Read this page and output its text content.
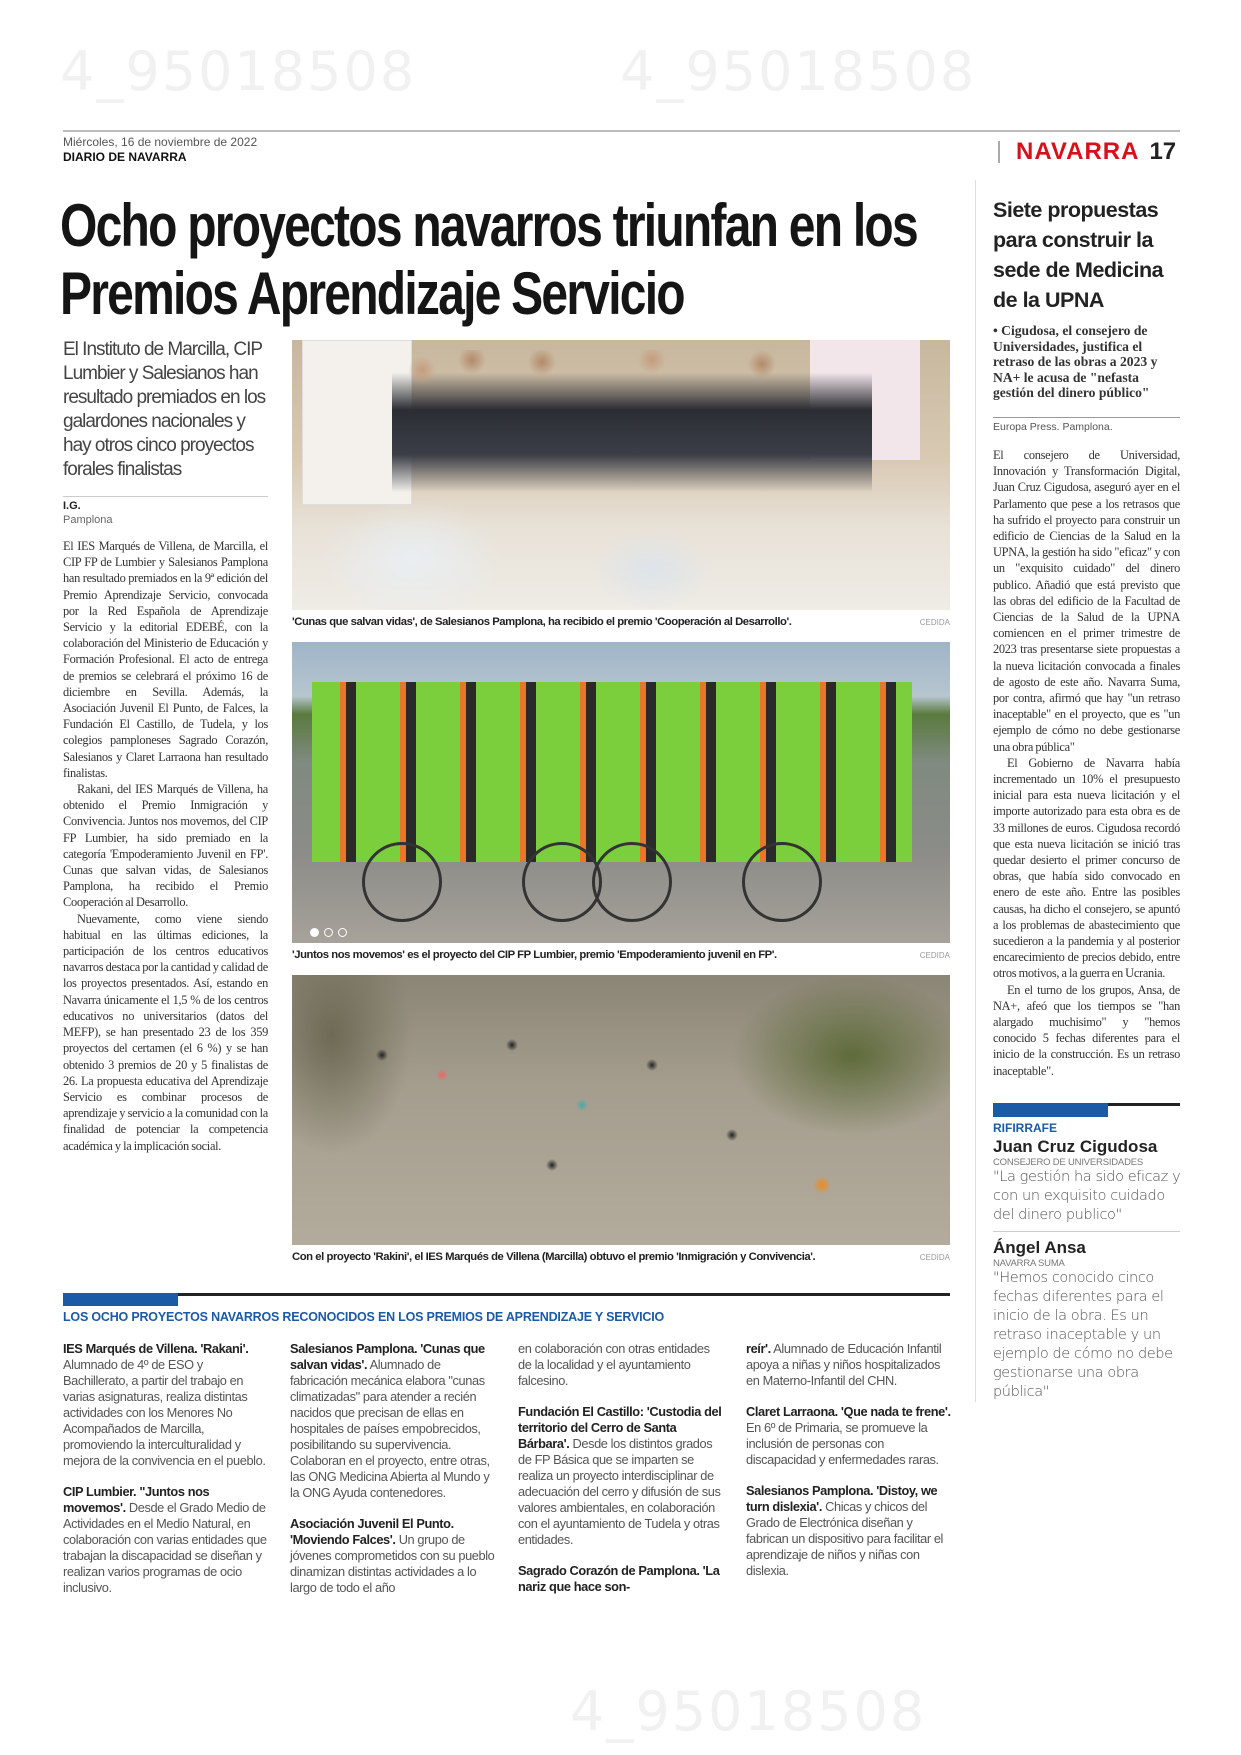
4_95018508	4_95018508
4_95018508
Miércoles, 16 de noviembre de 2022
DIARIO DE NAVARRA	NAVARRA 17
Ocho proyectos navarros triunfan en los Premios Aprendizaje Servicio
El Instituto de Marcilla, CIP Lumbier y Salesianos han resultado premiados en los galardones nacionales y hay otros cinco proyectos forales finalistas
I.G.
Pamplona

El IES Marqués de Villena, de Marcilla, el CIP FP de Lumbier y Salesianos Pamplona han resultado premiados en la 9ª edición del Premio Aprendizaje Servicio, convocada por la Red Española de Aprendizaje Servicio y la editorial EDEBÉ, con la colaboración del Ministerio de Educación y Formación Profesional. El acto de entrega de premios se celebrará el próximo 16 de diciembre en Sevilla. Además, la Asociación Juvenil El Punto, de Falces, la Fundación El Castillo, de Tudela, y los colegios pamploneses Sagrado Corazón, Salesianos y Claret Larraona han resultado finalistas.

Rakani, del IES Marqués de Villena, ha obtenido el Premio Inmigración y Convivencia. Juntos nos movemos, del CIP FP Lumbier, ha sido premiado en la categoría 'Empoderamiento Juvenil en FP'. Cunas que salvan vidas, de Salesianos Pamplona, ha recibido el Premio Cooperación al Desarrollo.

Nuevamente, como viene siendo habitual en las últimas ediciones, la participación de los centros educativos navarros destaca por la cantidad y calidad de los proyectos presentados. Así, estando en Navarra únicamente el 1,5 % de los centros educativos no universitarios (datos del MEFP), se han presentado 23 de los 359 proyectos del certamen (el 6 %) y se han obtenido 3 premios de 20 y 5 finalistas de 26. La propuesta educativa del Aprendizaje Servicio es combinar procesos de aprendizaje y servicio a la comunidad con la finalidad de potenciar la competencia académica y la implicación social.

'Cunas que salvan vidas', de Salesianos Pamplona, ha recibido el premio 'Cooperación al Desarrollo'.	CEDIDA
'Juntos nos movemos' es el proyecto del CIP FP Lumbier, premio 'Empoderamiento juvenil en FP'.	CEDIDA
Con el proyecto 'Rakini', el IES Marqués de Villena (Marcilla) obtuvo el premio 'Inmigración y Convivencia'.	CEDIDA
Siete propuestas para construir la sede de Medicina de la UPNA
• Cigudosa, el consejero de Universidades, justifica el retraso de las obras a 2023 y NA+ le acusa de "nefasta gestión del dinero público"
Europa Press. Pamplona.

El consejero de Universidad, Innovación y Transformación Digital, Juan Cruz Cigudosa, aseguró ayer en el Parlamento que pese a los retrasos que ha sufrido el proyecto para construir un edificio de Ciencias de la Salud en la UPNA, la gestión ha sido "eficaz" y con un "exquisito cuidado" del dinero publico. Añadió que está previsto que las obras del edificio de la Facultad de Ciencias de la Salud de la UPNA comiencen en el primer trimestre de 2023 tras presentarse siete propuestas a la nueva licitación convocada a finales de agosto de este año. Navarra Suma, por contra, afirmó que hay "un retraso inaceptable" en el proyecto, que es "un ejemplo de cómo no debe gestionarse una obra pública"

El Gobierno de Navarra había incrementado un 10% el presupuesto inicial para esta nueva licitación y el importe autorizado para esta obra es de 33 millones de euros. Cigudosa recordó que esta nueva licitación se inició tras quedar desierto el primer concurso de obras, que había sido convocado en enero de este año. Entre las posibles causas, ha dicho el consejero, se apuntó a los problemas de abastecimiento que sucedieron a la pandemia y al posterior encarecimiento de precios debido, entre otros motivos, a la guerra en Ucrania.

En el turno de los grupos, Ansa, de NA+, afeó que los tiempos se "han alargado muchisimo" y "hemos conocido 5 fechas diferentes para el inicio de la construcción. Es un retraso inaceptable".

RIFIRRAFE
Juan Cruz Cigudosa
CONSEJERO DE UNIVERSIDADES
"La gestión ha sido eficaz y con un exquisito cuidado del dinero publico"
Ángel Ansa
NAVARRA SUMA
"Hemos conocido cinco fechas diferentes para el inicio de la obra. Es un retraso inaceptable y un ejemplo de cómo no debe gestionarse una obra pública"
LOS OCHO PROYECTOS NAVARROS RECONOCIDOS EN LOS PREMIOS DE APRENDIZAJE Y SERVICIO
IES Marqués de Villena. 'Rakani'. Alumnado de 4º de ESO y Bachillerato, a partir del trabajo en varias asignaturas, realiza distintas actividades con los Menores No Acompañados de Marcilla, promoviendo la interculturalidad y mejora de la convivencia en el pueblo.
CIP Lumbier. "Juntos nos movemos'. Desde el Grado Medio de Actividades en el Medio Natural, en colaboración con varias entidades que trabajan la discapacidad se diseñan y realizan varios programas de ocio inclusivo.
Salesianos Pamplona. 'Cunas que salvan vidas'. Alumnado de fabricación mecánica elabora "cunas climatizadas" para atender a recién nacidos que precisan de ellas en hospitales de países empobrecidos, posibilitando su supervivencia. Colaboran en el proyecto, entre otras, las ONG Medicina Abierta al Mundo y la ONG Ayuda contenedores.
Asociación Juvenil El Punto. 'Moviendo Falces'. Un grupo de jóvenes comprometidos con su pueblo dinamizan distintas actividades a lo largo de todo el año
en colaboración con otras entidades de la localidad y el ayuntamiento falcesino.
Fundación El Castillo: 'Custodia del territorio del Cerro de Santa Bárbara'. Desde los distintos grados de FP Básica que se imparten se realiza un proyecto interdisciplinar de adecuación del cerro y difusión de sus valores ambientales, en colaboración con el ayuntamiento de Tudela y otras entidades.
Sagrado Corazón de Pamplona. 'La nariz que hace son-
reír'. Alumnado de Educación Infantil apoya a niñas y niños hospitalizados en Materno-Infantil del CHN.
Claret Larraona. 'Que nada te frene'. En 6º de Primaria, se promueve la inclusión de personas con discapacidad y enfermedades raras.
Salesianos Pamplona. 'Distoy, we turn dislexia'. Chicas y chicos del Grado de Electrónica diseñan y fabrican un dispositivo para facilitar el aprendizaje de niños y niñas con dislexia.
